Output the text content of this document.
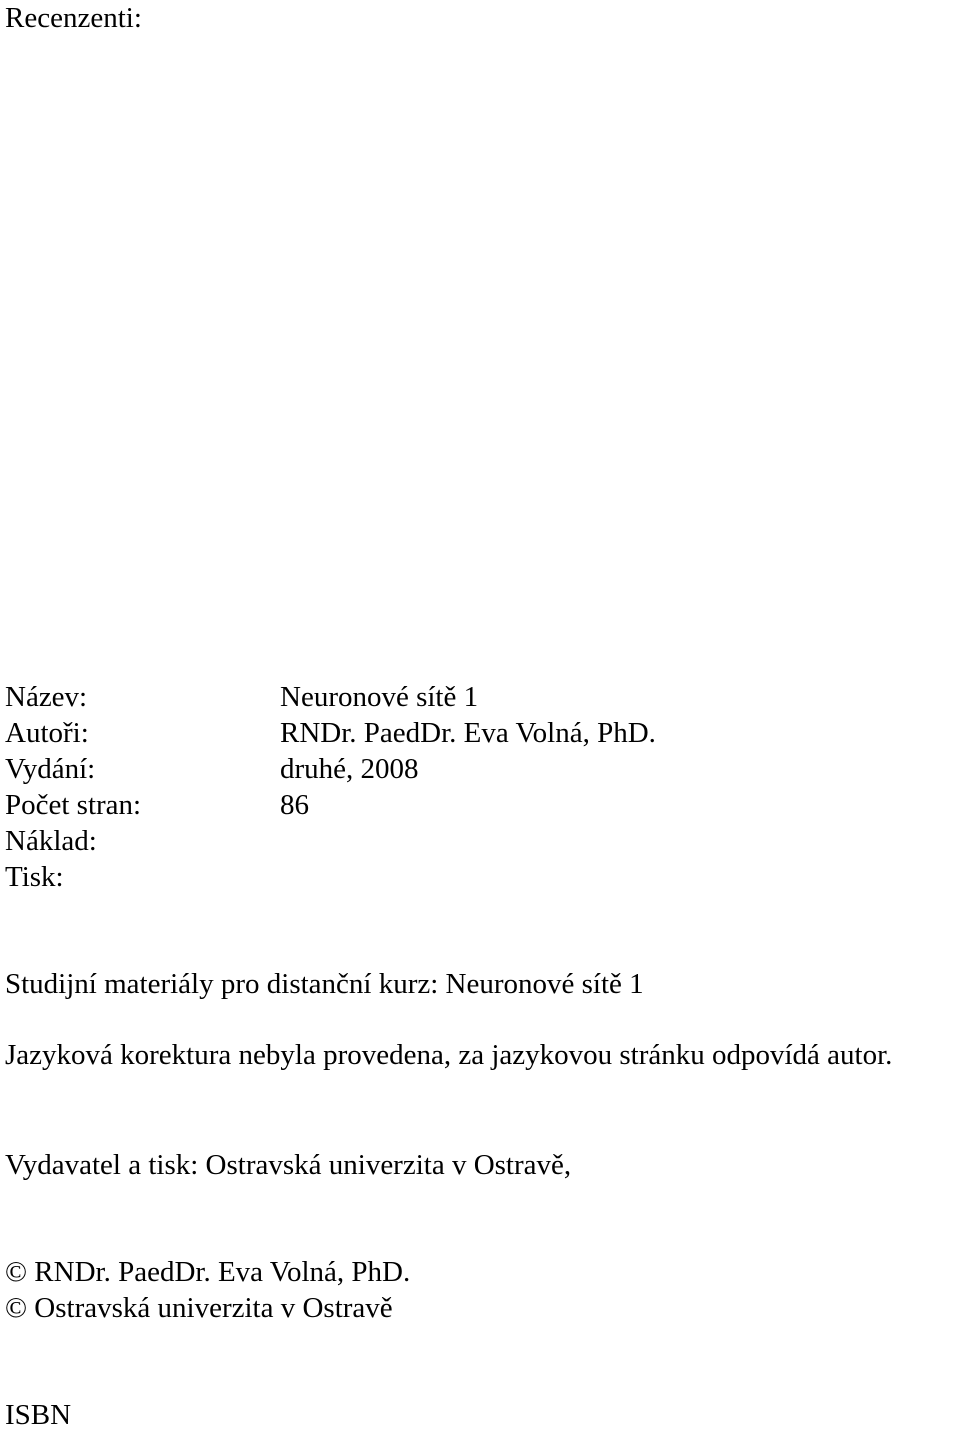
Recenzenti:
Název:	Neuronové sítě 1
Autoři:	RNDr. PaedDr. Eva Volná, PhD.
Vydání:	druhé, 2008
Počet stran:	86
Náklad:
Tisk:
Studijní materiály pro distanční kurz: Neuronové sítě 1
Jazyková korektura nebyla provedena, za jazykovou stránku odpovídá autor.
Vydavatel a tisk: Ostravská univerzita v Ostravě,
© RNDr. PaedDr. Eva Volná, PhD.
© Ostravská univerzita v Ostravě
ISBN
